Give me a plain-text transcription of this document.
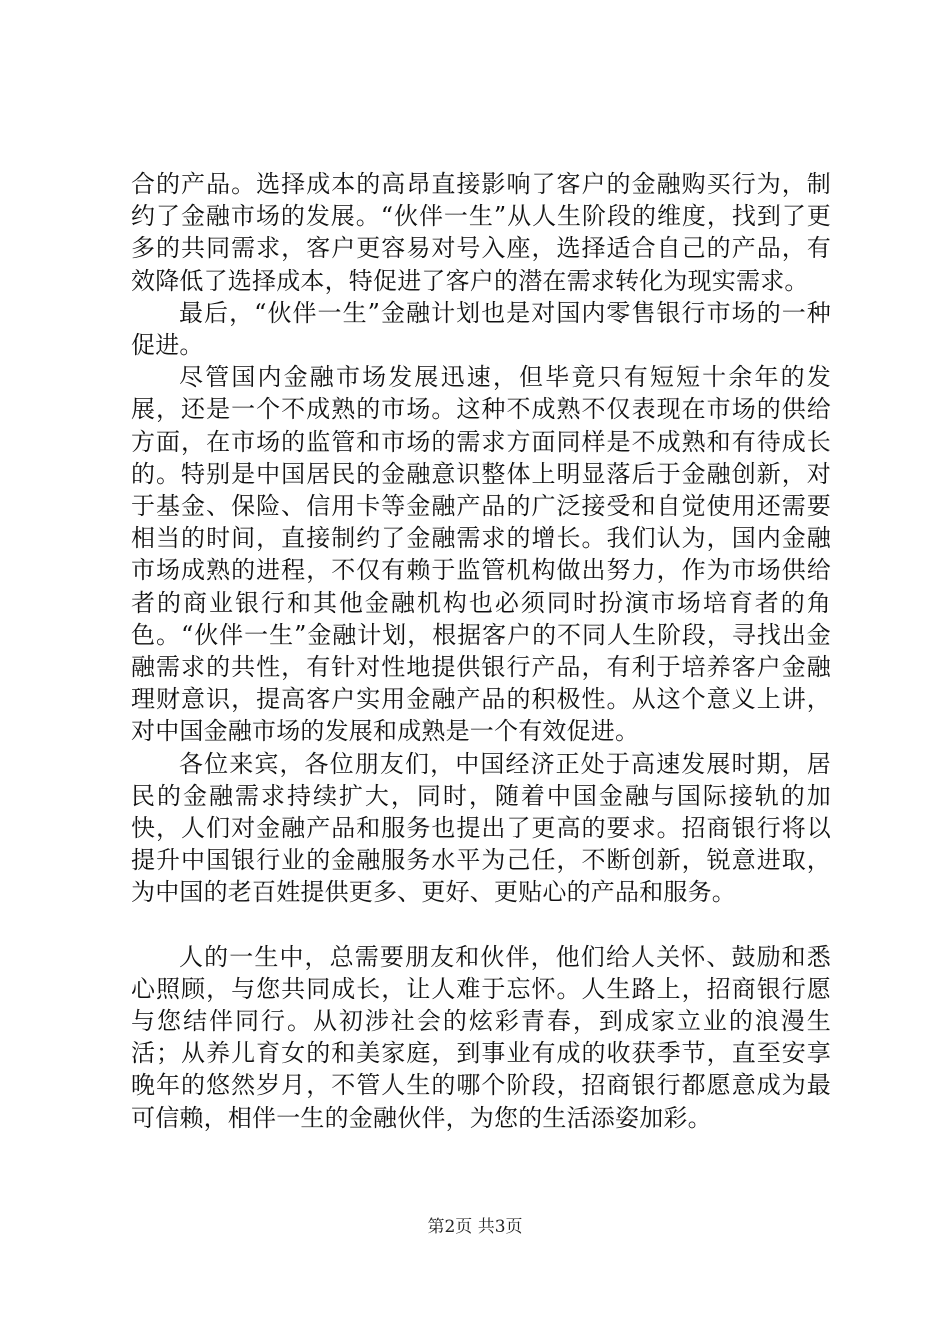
合的产品。选择成本的高昂直接影响了客户的金融购买行为，制约了金融市场的发展。“伙伴一生”从人生阶段的维度，找到了更多的共同需求，客户更容易对号入座，选择适合自己的产品，有效降低了选择成本，特促进了客户的潜在需求转化为现实需求。

最后，“伙伴一生”金融计划也是对国内零售银行市场的一种促进。

尽管国内金融市场发展迅速，但毕竟只有短短十余年的发展，还是一个不成熟的市场。这种不成熟不仅表现在市场的供给方面，在市场的监管和市场的需求方面同样是不成熟和有待成长的。特别是中国居民的金融意识整体上明显落后于金融创新，对于基金、保险、信用卡等金融产品的广泛接受和自觉使用还需要相当的时间，直接制约了金融需求的增长。我们认为，国内金融市场成熟的进程，不仅有赖于监管机构做出努力，作为市场供给者的商业银行和其他金融机构也必须同时扮演市场培育者的角色。“伙伴一生”金融计划，根据客户的不同人生阶段，寻找出金融需求的共性，有针对性地提供银行产品，有利于培养客户金融理财意识，提高客户实用金融产品的积极性。从这个意义上讲，对中国金融市场的发展和成熟是一个有效促进。

各位来宾，各位朋友们，中国经济正处于高速发展时期，居民的金融需求持续扩大，同时，随着中国金融与国际接轨的加快，人们对金融产品和服务也提出了更高的要求。招商银行将以提升中国银行业的金融服务水平为己任，不断创新，锐意进取，为中国的老百姓提供更多、更好、更贴心的产品和服务。

人的一生中，总需要朋友和伙伴，他们给人关怀、鼓励和悉心照顾，与您共同成长，让人难于忘怀。人生路上，招商银行愿与您结伴同行。从初涉社会的炫彩青春，到成家立业的浪漫生活；从养儿育女的和美家庭，到事业有成的收获季节，直至安享晚年的悠然岁月，不管人生的哪个阶段，招商银行都愿意成为最可信赖，相伴一生的金融伙伴，为您的生活添姿加彩。

第2页 共3页
